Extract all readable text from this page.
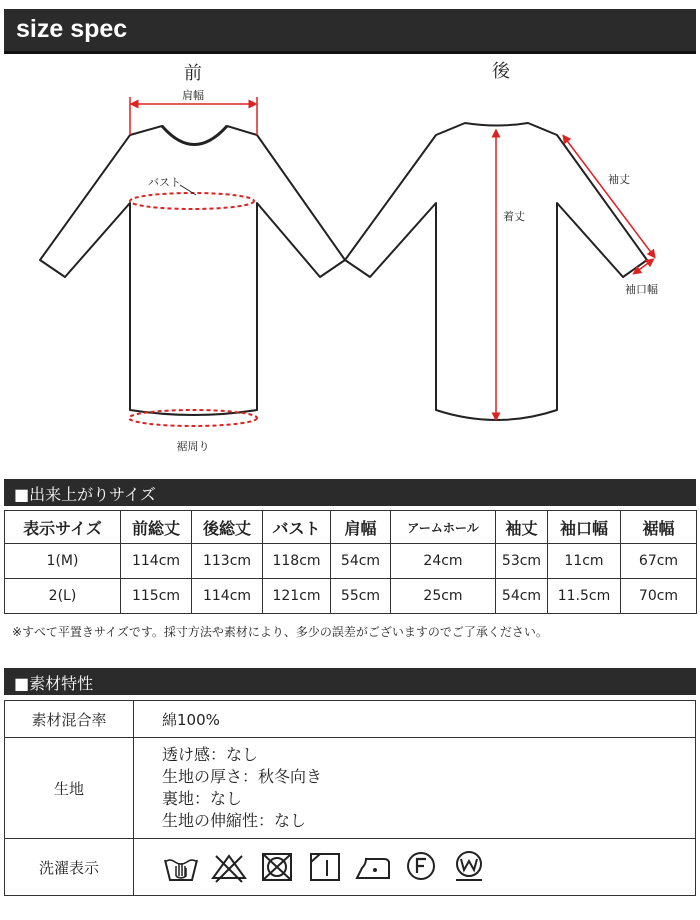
size spec
前
肩幅
バスト
裾周り
後
着丈
袖丈
袖口幅
■出来上がりサイズ
表示サイズ	前総丈	後総丈	バスト	肩幅	アームホール	袖丈	袖口幅	裾幅
1(M)	114cm	113cm	118cm	54cm	24cm	53cm	11cm	67cm
2(L)	115cm	114cm	121cm	55cm	25cm	54cm	11.5cm	70cm
※すべて平置きサイズです。採寸方法や素材により、多少の誤差がございますのでご了承ください。
■素材特性
素材混合率	綿100%
生地	透け感：なし
生地の厚さ：秋冬向き
裏地：なし
生地の伸縮性：なし

洗濯表示	
